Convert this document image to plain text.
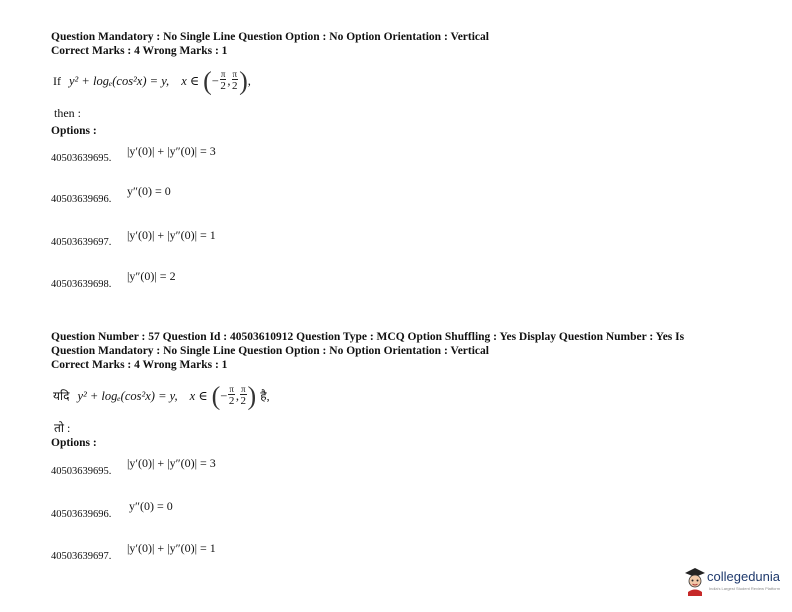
Question Mandatory : No Single Line Question Option : No Option Orientation : Vertical
Correct Marks : 4 Wrong Marks : 1
If y² + logₑ(cos²x) = y, x ∈ (− $\frac{\pi}{2}$ , $\frac{\pi}{2}$ ),
then :
Options :
40503639695.
|y′(0)| + |y″(0)| = 3
40503639696.
y″(0) = 0
40503639697.
|y′(0)| + |y″(0)| = 1
40503639698.
|y″(0)| = 2
Question Number : 57 Question Id : 40503610912 Question Type : MCQ Option Shuffling : Yes Display Question Number : Yes Is
Question Mandatory : No Single Line Question Option : No Option Orientation : Vertical
Correct Marks : 4 Wrong Marks : 1
यदि y² + logₑ(cos²x) = y, x ∈ (− $\frac{\pi}{2}$ , $\frac{\pi}{2}$ ) है,
तो :
Options :
40503639695.
|y′(0)| + |y″(0)| = 3
40503639696.
y″(0) = 0
40503639697.
|y′(0)| + |y″(0)| = 1
collegedunia
India's Largest Student Review Platform
